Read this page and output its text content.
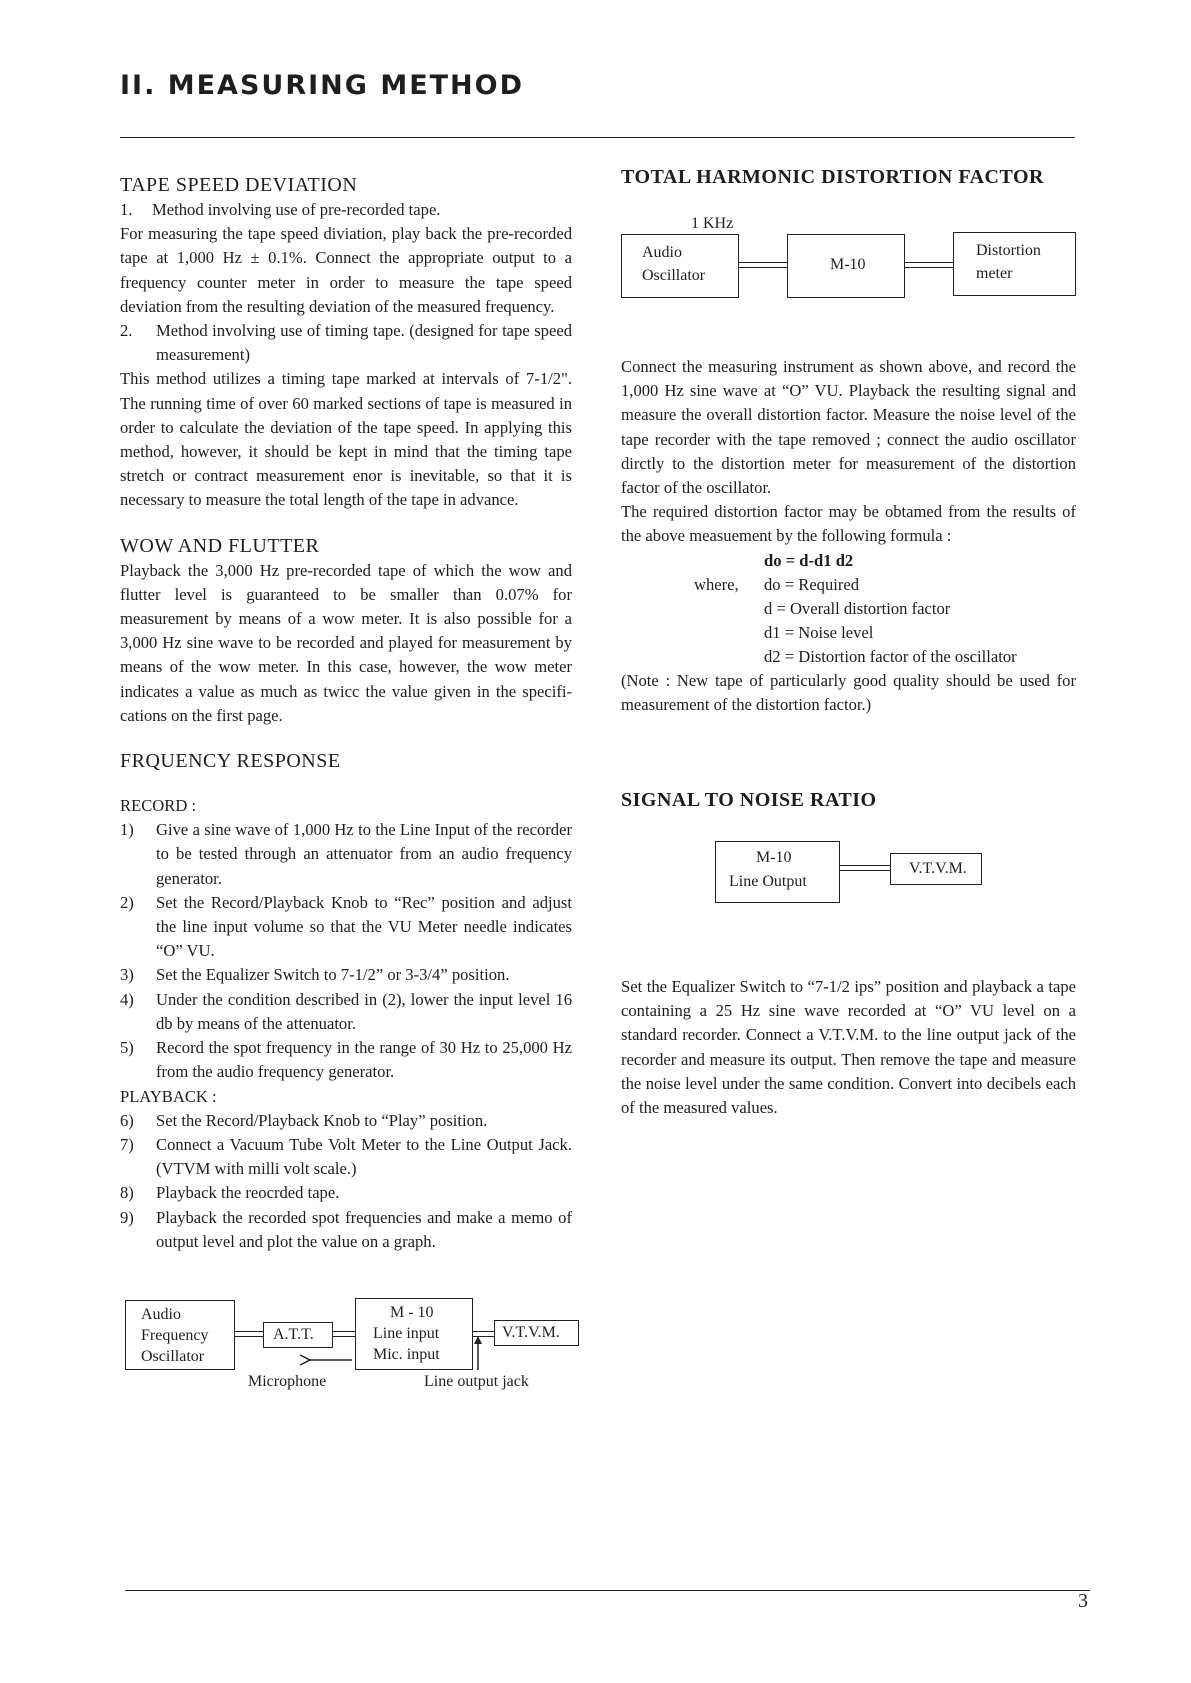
II. MEASURING METHOD
TAPE SPEED DEVIATION
1. Method involving use of pre-recorded tape.

For measuring the tape speed diviation, play back the pre-recorded tape at 1,000 Hz ± 0.1%. Connect the appropriate output to a frequency counter meter in order to measure the tape speed deviation from the resulting deviation of the measured frequency.

2. Method involving use of timing tape. (designed for tape speed measurement)

This method utilizes a timing tape marked at intervals of 7-1/2". The running time of over 60 marked sections of tape is measured in order to calculate the deviation of the tape speed. In applying this method, however, it should be kept in mind that the timing tape stretch or contract measurement enor is inevitable, so that it is necessary to measure the total length of the tape in advance.

WOW AND FLUTTER

Playback the 3,000 Hz pre-recorded tape of which the wow and flutter level is guaranteed to be smaller than 0.07% for measurement by means of a wow meter. It is also possible for a 3,000 Hz sine wave to be recorded and played for measurement by means of the wow meter. In this case, however, the wow meter indicates a value as much as twicc the value given in the specifi-cations on the first page.

FRQUENCY RESPONSE

RECORD :

1) Give a sine wave of 1,000 Hz to the Line Input of the recorder to be tested through an attenuator from an audio frequency generator.
2) Set the Record/Playback Knob to “Rec” position and adjust the line input volume so that the VU Meter needle indicates “O” VU.
3) Set the Equalizer Switch to 7-1/2” or 3-3/4” position.
4) Under the condition described in (2), lower the input level 16 db by means of the attenuator.
5) Record the spot frequency in the range of 30 Hz to 25,000 Hz from the audio frequency generator.

PLAYBACK :

6) Set the Record/Playback Knob to “Play” position.
7) Connect a Vacuum Tube Volt Meter to the Line Output Jack. (VTVM with milli volt scale.)
8) Playback the reocrded tape.
9) Playback the recorded spot frequencies and make a memo of output level and plot the value on a graph.
Audio
Frequency
Oscillator
A.T.T.
M - 10
Line input
Mic. input
V.T.V.M.
Microphone	Line output jack
TOTAL HARMONIC DISTORTION FACTOR
1 KHz
Audio
Oscillator
M-10
Distortion
meter

Connect the measuring instrument as shown above, and record the 1,000 Hz sine wave at “O” VU. Playback the resulting signal and measure the overall distortion factor. Measure the noise level of the tape recorder with the tape removed ; connect the audio oscillator dirctly to the distortion meter for measurement of the distortion factor of the oscillator.

The required distortion factor may be obtamed from the results of the above measuement by the following formula :

do = d-d1 d2
where, do = Required
d = Overall distortion factor
d1 = Noise level
d2 = Distortion factor of the oscillator

(Note : New tape of particularly good quality should be used for measurement of the distortion factor.)

SIGNAL TO NOISE RATIO
M-10
Line Output
V.T.V.M.

Set the Equalizer Switch to “7-1/2 ips” position and playback a tape containing a 25 Hz sine wave recorded at “O” VU level on a standard recorder. Connect a V.T.V.M. to the line output jack of the recorder and measure its output. Then remove the tape and measure the noise level under the same condition. Convert into decibels each of the measured values.

3
